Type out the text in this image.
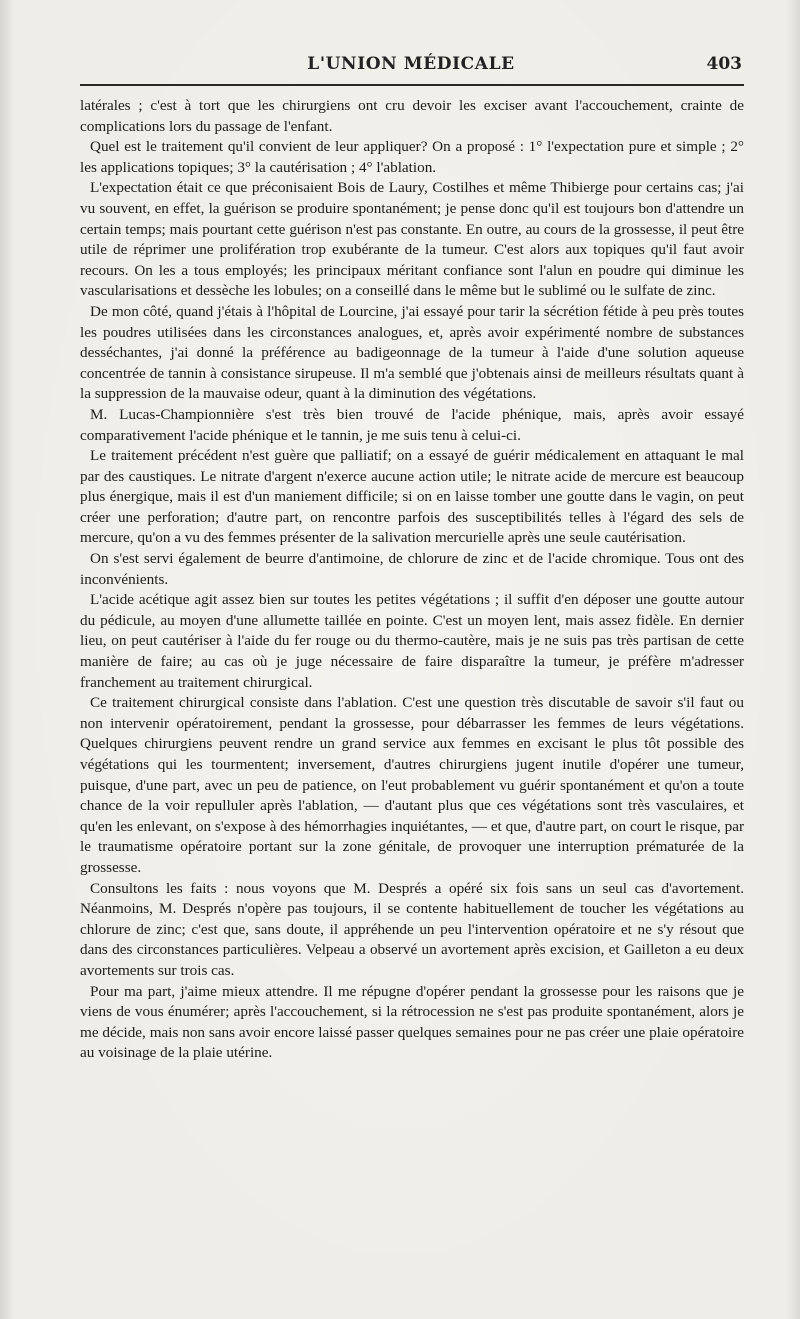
L'UNION MÉDICALE	403

latérales ; c'est à tort que les chirurgiens ont cru devoir les exciser avant l'accouchement, crainte de complications lors du passage de l'enfant.

Quel est le traitement qu'il convient de leur appliquer? On a proposé : 1° l'expectation pure et simple ; 2° les applications topiques; 3° la cautérisation ; 4° l'ablation.

L'expectation était ce que préconisaient Bois de Laury, Costilhes et même Thibierge pour certains cas; j'ai vu souvent, en effet, la guérison se produire spontanément; je pense donc qu'il est toujours bon d'attendre un certain temps; mais pourtant cette guérison n'est pas constante. En outre, au cours de la grossesse, il peut être utile de réprimer une prolifération trop exubérante de la tumeur. C'est alors aux topiques qu'il faut avoir recours. On les a tous employés; les principaux méritant confiance sont l'alun en poudre qui diminue les vascularisations et dessèche les lobules; on a conseillé dans le même but le sublimé ou le sulfate de zinc.

De mon côté, quand j'étais à l'hôpital de Lourcine, j'ai essayé pour tarir la sécrétion fétide à peu près toutes les poudres utilisées dans les circonstances analogues, et, après avoir expérimenté nombre de substances desséchantes, j'ai donné la préférence au badigeonnage de la tumeur à l'aide d'une solution aqueuse concentrée de tannin à consistance sirupeuse. Il m'a semblé que j'obtenais ainsi de meilleurs résultats quant à la suppression de la mauvaise odeur, quant à la diminution des végétations.

M. Lucas-Championnière s'est très bien trouvé de l'acide phénique, mais, après avoir essayé comparativement l'acide phénique et le tannin, je me suis tenu à celui-ci.

Le traitement précédent n'est guère que palliatif; on a essayé de guérir médicalement en attaquant le mal par des caustiques. Le nitrate d'argent n'exerce aucune action utile; le nitrate acide de mercure est beaucoup plus énergique, mais il est d'un maniement difficile; si on en laisse tomber une goutte dans le vagin, on peut créer une perforation; d'autre part, on rencontre parfois des susceptibilités telles à l'égard des sels de mercure, qu'on a vu des femmes présenter de la salivation mercurielle après une seule cautérisation.

On s'est servi également de beurre d'antimoine, de chlorure de zinc et de l'acide chromique. Tous ont des inconvénients.

L'acide acétique agit assez bien sur toutes les petites végétations ; il suffit d'en déposer une goutte autour du pédicule, au moyen d'une allumette taillée en pointe. C'est un moyen lent, mais assez fidèle. En dernier lieu, on peut cautériser à l'aide du fer rouge ou du thermo-cautère, mais je ne suis pas très partisan de cette manière de faire; au cas où je juge nécessaire de faire disparaître la tumeur, je préfère m'adresser franchement au traitement chirurgical.

Ce traitement chirurgical consiste dans l'ablation. C'est une question très discutable de savoir s'il faut ou non intervenir opératoirement, pendant la grossesse, pour débarrasser les femmes de leurs végétations. Quelques chirurgiens peuvent rendre un grand service aux femmes en excisant le plus tôt possible des végétations qui les tourmentent; inversement, d'autres chirurgiens jugent inutile d'opérer une tumeur, puisque, d'une part, avec un peu de patience, on l'eut probablement vu guérir spontanément et qu'on a toute chance de la voir repulluler après l'ablation, — d'autant plus que ces végétations sont très vasculaires, et qu'en les enlevant, on s'expose à des hémorrhagies inquiétantes, — et que, d'autre part, on court le risque, par le traumatisme opératoire portant sur la zone génitale, de provoquer une interruption prématurée de la grossesse.

Consultons les faits : nous voyons que M. Després a opéré six fois sans un seul cas d'avortement. Néanmoins, M. Després n'opère pas toujours, il se contente habituellement de toucher les végétations au chlorure de zinc; c'est que, sans doute, il appréhende un peu l'intervention opératoire et ne s'y résout que dans des circonstances particulières. Velpeau a observé un avortement après excision, et Gailleton a eu deux avortements sur trois cas.

Pour ma part, j'aime mieux attendre. Il me répugne d'opérer pendant la grossesse pour les raisons que je viens de vous énumérer; après l'accouchement, si la rétrocession ne s'est pas produite spontanément, alors je me décide, mais non sans avoir encore laissé passer quelques semaines pour ne pas créer une plaie opératoire au voisinage de la plaie utérine.
